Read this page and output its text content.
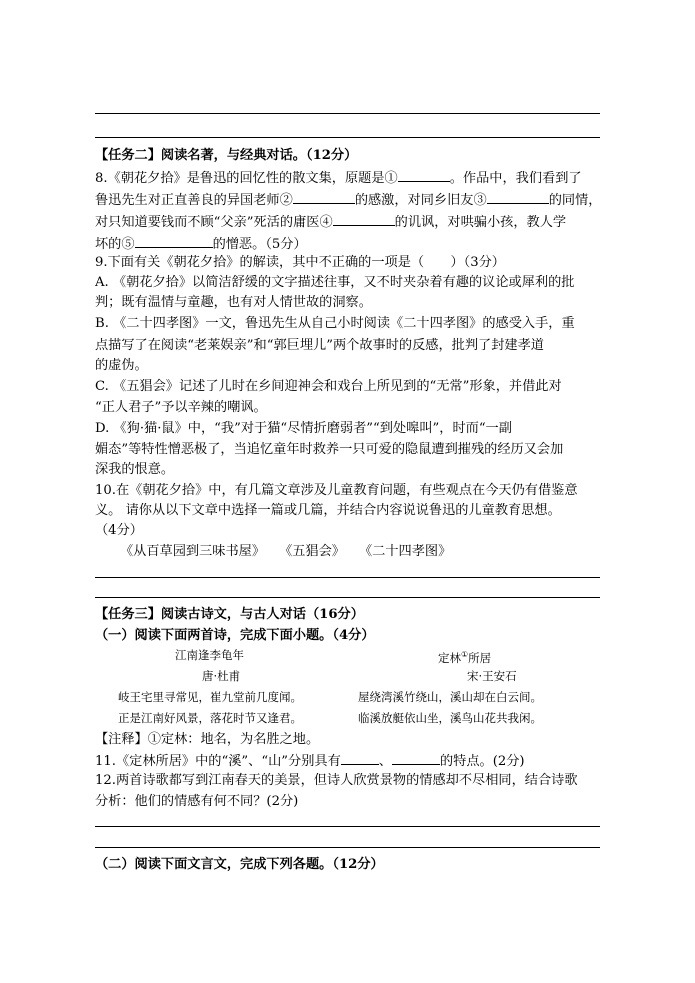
【任务二】阅读名著，与经典对话。（12分）
8.《朝花夕拾》是鲁迅的回忆性的散文集，原题是①	。作品中，我们看到了
鲁迅先生对正直善良的异国老师②	的感激，对同乡旧友③	的同情，
对只知道要钱而不顾“父亲”死活的庸医④	的讥讽，对哄骗小孩，教人学
坏的⑤	的憎恶。（5分）
9.下面有关《朝花夕拾》的解读，其中不正确的一项是（　　）（3分）
A. 《朝花夕拾》以简洁舒缓的文字描述往事，又不时夹杂着有趣的议论或犀利的批
判；既有温情与童趣，也有对人情世故的洞察。
B. 《二十四孝图》一文，鲁迅先生从自己小时阅读《二十四孝图》的感受入手，重
点描写了在阅读“老莱娱亲”和“郭巨埋儿”两个故事时的反感，批判了封建孝道
的虚伪。
C. 《五猖会》记述了儿时在乡间迎神会和戏台上所见到的“无常”形象，并借此对
“正人君子”予以辛辣的嘲讽。
D. 《狗·猫·鼠》中，“我”对于猫“尽情折磨弱者”“到处嗥叫”，时而“一副
媚态”等特性憎恶极了，当追忆童年时救养一只可爱的隐鼠遭到摧残的经历又会加
深我的恨意。
10.在《朝花夕拾》中，有几篇文章涉及儿童教育问题，有些观点在今天仍有借鉴意
义。 请你从以下文章中选择一篇或几篇，并结合内容说说鲁迅的儿童教育思想。
（4分）
《从百草园到三味书屋》 《五猖会》 《二十四孝图》
【任务三】阅读古诗文，与古人对话（16分）
（一）阅读下面两首诗，完成下面小题。（4分）
江南逢李龟年
唐·杜甫
岐王宅里寻常见，崔九堂前几度闻。
正是江南好风景，落花时节又逢君。
定林①所居
宋·王安石
屋绕湾溪竹绕山，溪山却在白云间。
临溪放艇依山坐，溪鸟山花共我闲。
【注释】①定林：地名，为名胜之地。
11.《定林所居》中的“溪”、“山”分别具有	、	的特点。(2分)
12.两首诗歌都写到江南春天的美景，但诗人欣赏景物的情感却不尽相同，结合诗歌
分析：他们的情感有何不同？(2分)
（二）阅读下面文言文，完成下列各题。（12分）
